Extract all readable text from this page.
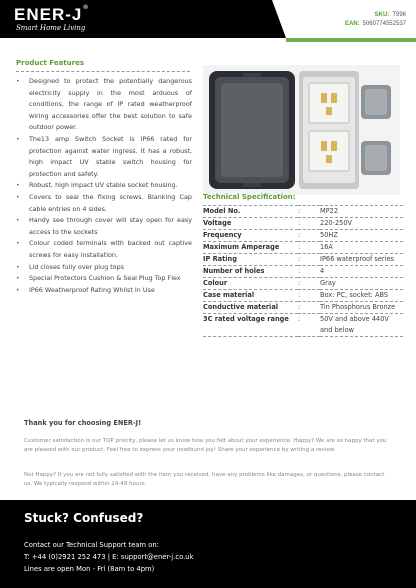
ENER-J®
Smart Home Living
SKU: T996
EAN: 5060774552537
Product Features
• Designed to protect the potentially dangerous electricity supply in the most arduous of conditions, the range of IP rated weatherproof wiring accessories offer the best solution to safe outdoor power.
• The13 amp Switch Socket is IP66 rated for protection against water ingress. It has a robust, high impact UV stable switch housing for protection and safety.
• Robust, high impact UV stable socket housing.
• Covers to seal the fixing screws. Blanking Cap cable entries on 4 sides.
• Handy see through cover will stay open for easy access to the sockets
• Colour coded terminals with backed out captive screws for easy installation.
• Lid closes fully over plug tops
• Special Protectors Cushion & Seal Plug Top Flex
• IP66 Weatherproof Rating Whilst In Use
Technical Specification:
Model No.	:	MP22
Voltage	:	220-250V
Frequency	:	50HZ
Maximum Amperage	:	16A
IP Rating	:	IP66 waterproof series
Number of holes	:	4
Colour	:	Gray
Case material	:	Box: PC, socket: ABS
Conductive material	:	Tin Phosphorus Bronze
3C rated voltage range	:	50V and above 440V and below
Thank you for choosing ENER-J!
Customer satisfaction is our TOP priority, please let us know how you felt about your experience. Happy? We are so happy that you are pleased with our product. Feel free to express your newfound joy! Share your experience by writing a review.
Not Happy? If you are not fully satisfied with the item you received, have any problems like damages, or questions, please contact us. We typically respond within 24-48 hours.
Stuck? Confused?
Contact our Technical Support team on:
T: +44 (0)2921 252 473 | E: support@ener-j.co.uk
Lines are open Mon - Fri (8am to 4pm)
